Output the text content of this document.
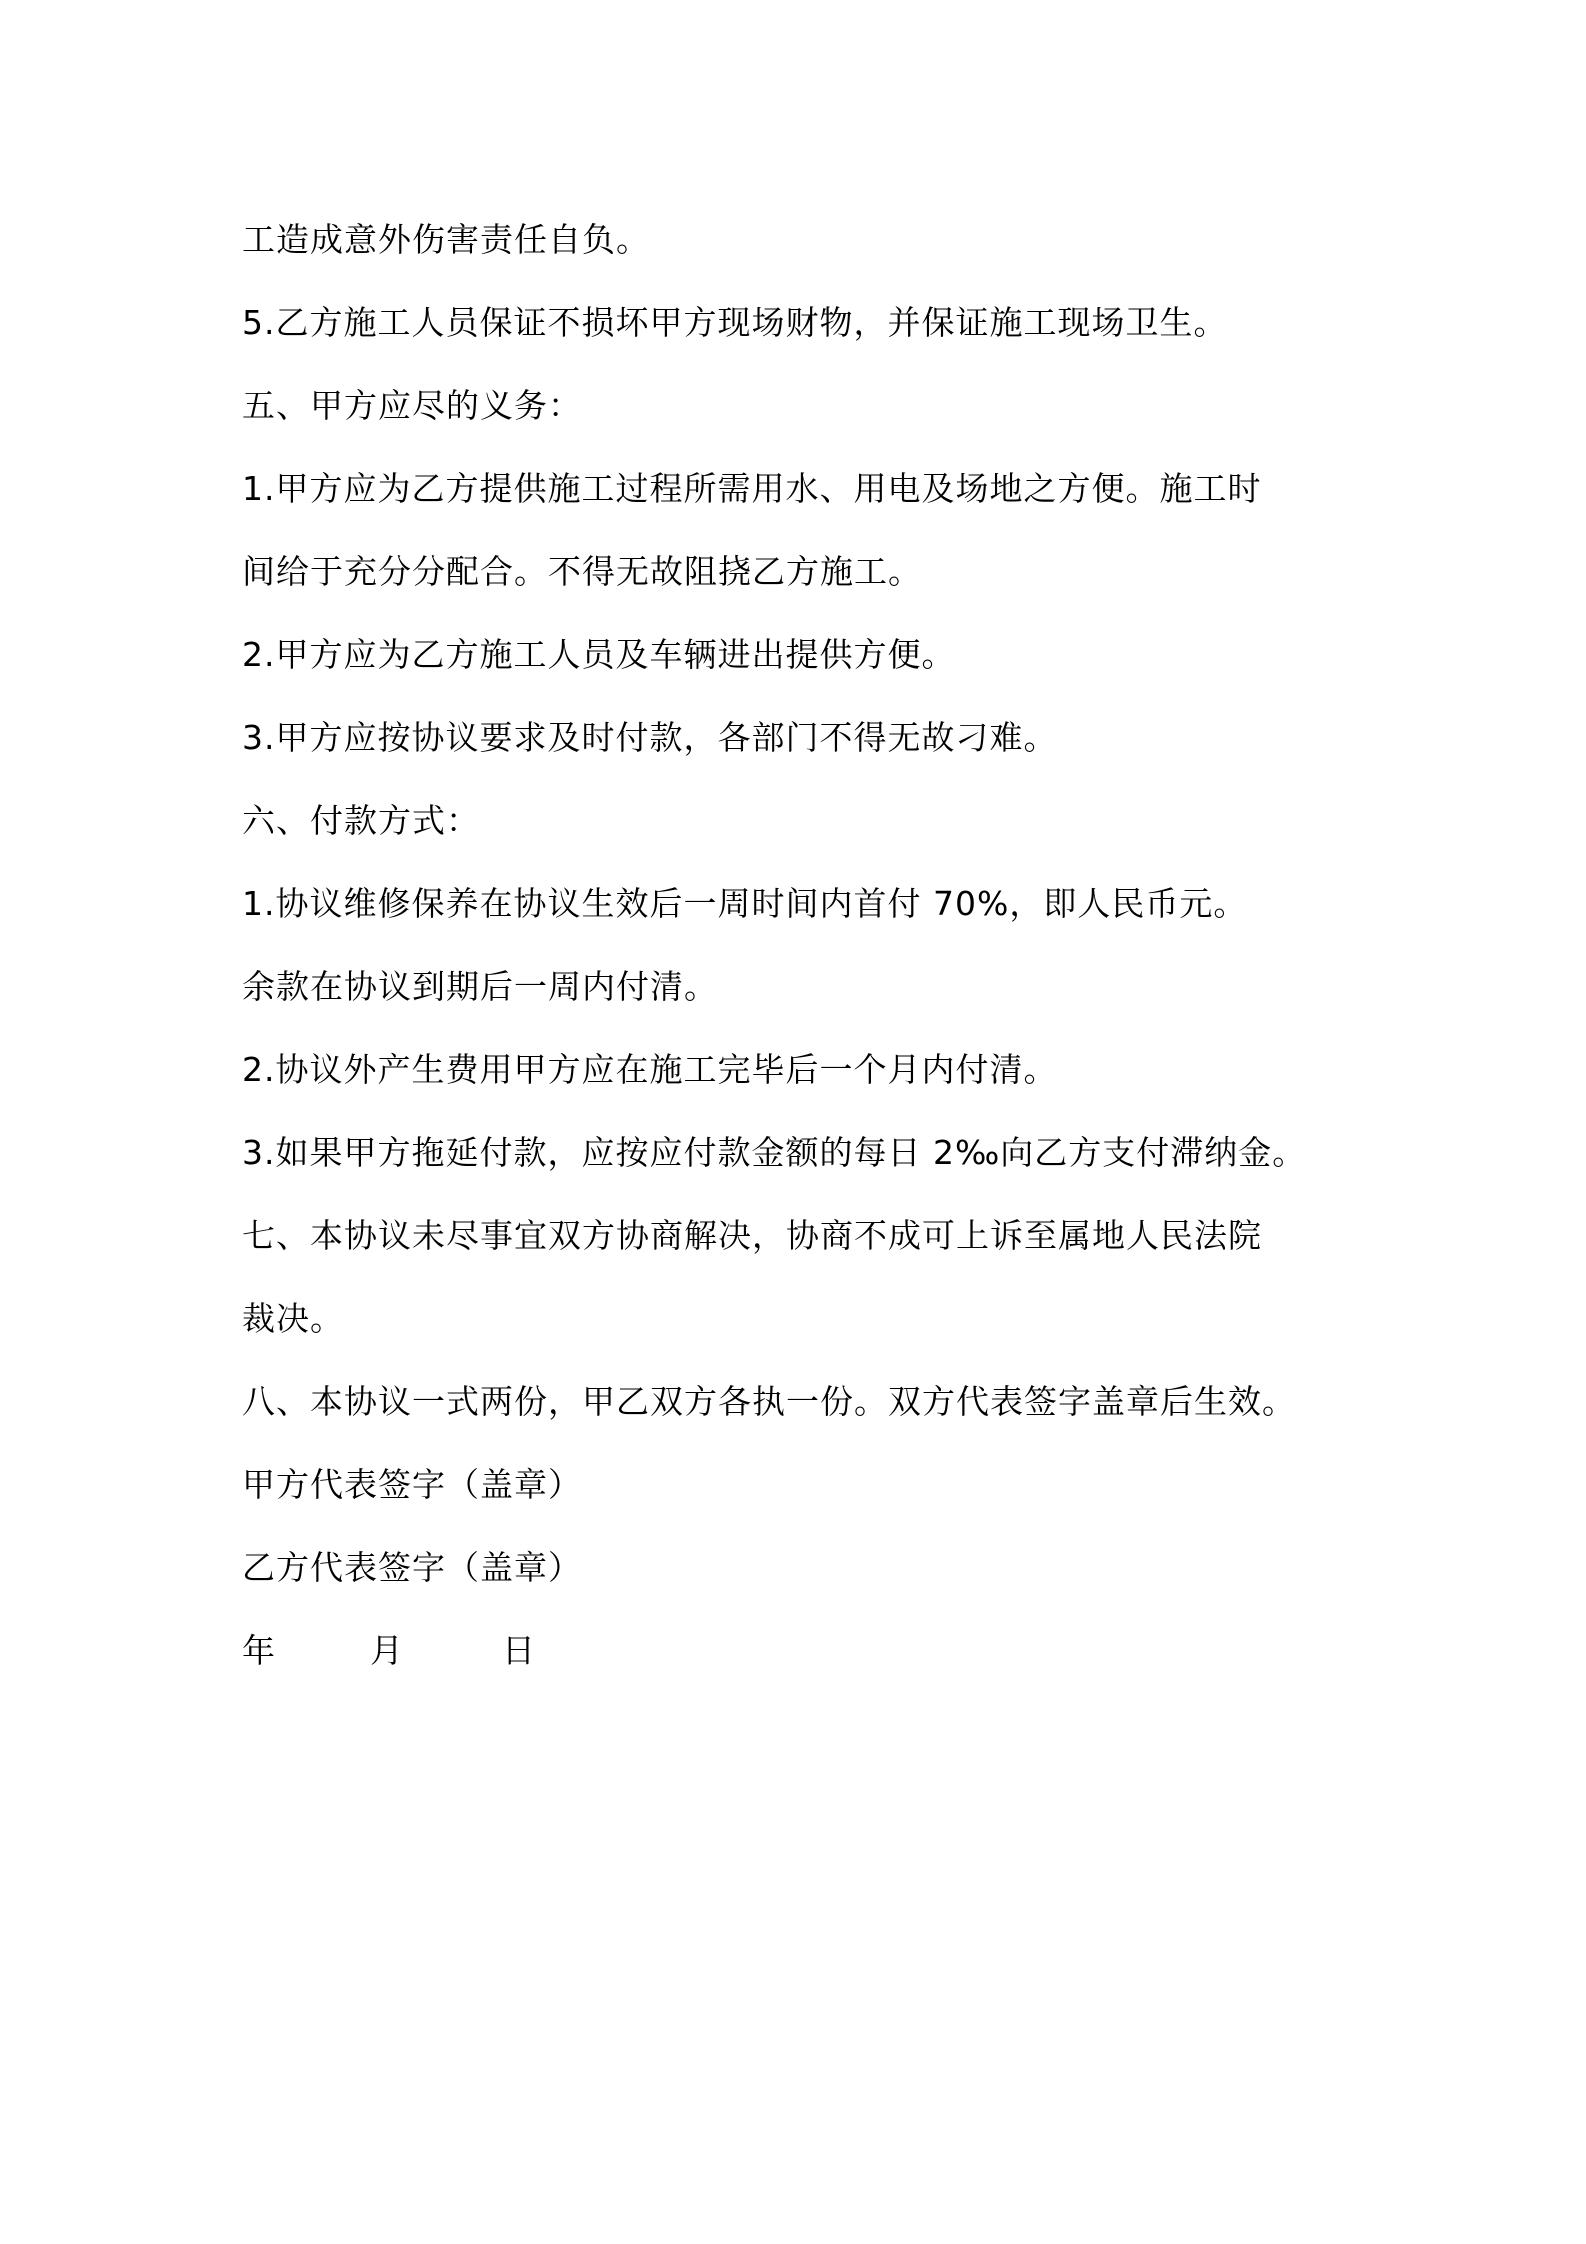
工造成意外伤害责任自负。
5.乙方施工人员保证不损坏甲方现场财物，并保证施工现场卫生。
五、甲方应尽的义务：
1.甲方应为乙方提供施工过程所需用水、用电及场地之方便。施工时
间给于充分分配合。不得无故阻挠乙方施工。
2.甲方应为乙方施工人员及车辆进出提供方便。
3.甲方应按协议要求及时付款，各部门不得无故刁难。
六、付款方式：
1.协议维修保养在协议生效后一周时间内首付 70%，即人民币元。
余款在协议到期后一周内付清。
2.协议外产生费用甲方应在施工完毕后一个月内付清。
3.如果甲方拖延付款，应按应付款金额的每日 2‰向乙方支付滞纳金。
七、本协议未尽事宜双方协商解决，协商不成可上诉至属地人民法院
裁决。
八、本协议一式两份，甲乙双方各执一份。双方代表签字盖章后生效。
甲方代表签字（盖章）
乙方代表签字（盖章）
年	月	日
